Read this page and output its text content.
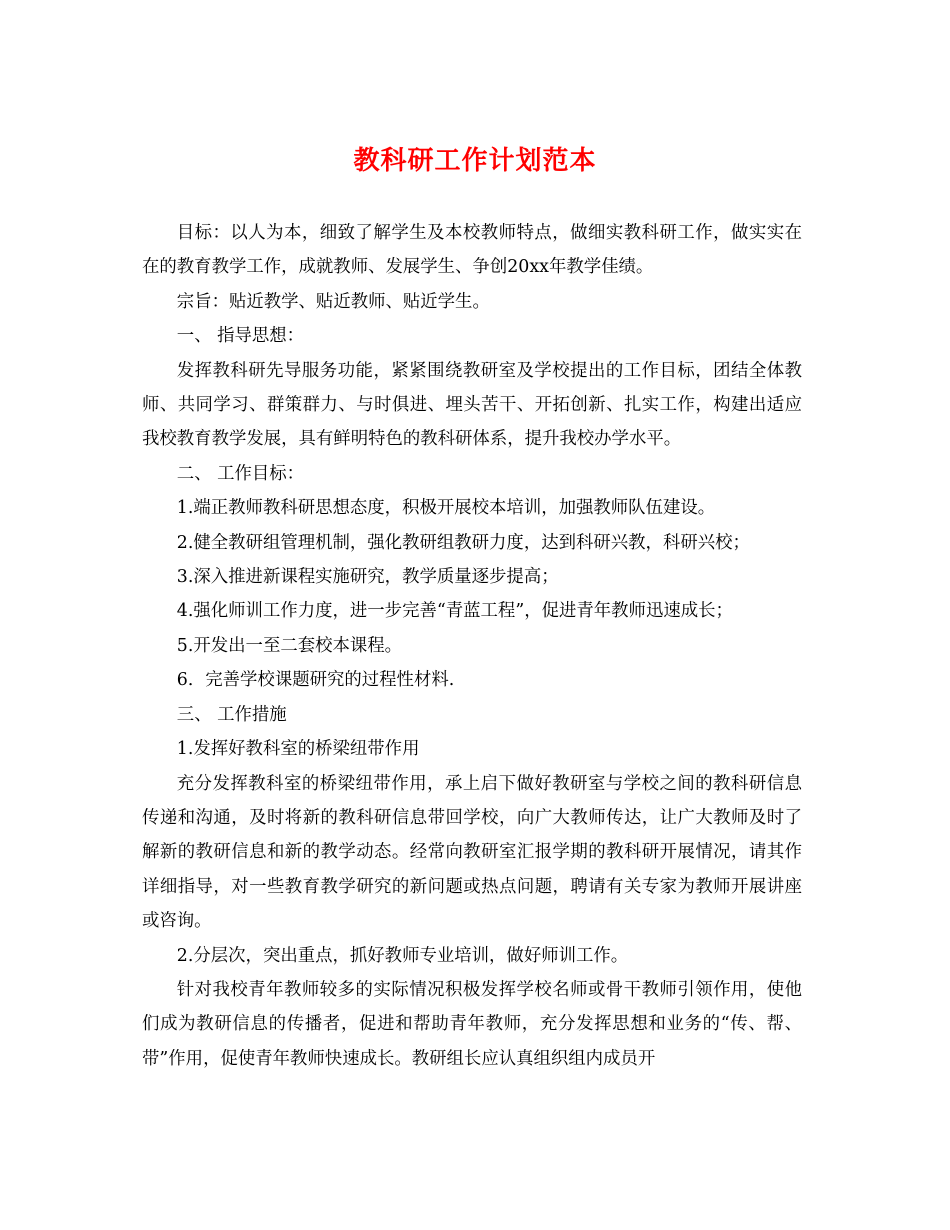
教科研工作计划范本

目标：以人为本，细致了解学生及本校教师特点，做细实教科研工作，做实实在在的教育教学工作，成就教师、发展学生、争创20xx年教学佳绩。

宗旨：贴近教学、贴近教师、贴近学生。

一、 指导思想：

发挥教科研先导服务功能，紧紧围绕教研室及学校提出的工作目标，团结全体教师、共同学习、群策群力、与时俱进、埋头苦干、开拓创新、扎实工作，构建出适应我校教育教学发展，具有鲜明特色的教科研体系，提升我校办学水平。

二、 工作目标：

1.端正教师教科研思想态度，积极开展校本培训，加强教师队伍建设。

2.健全教研组管理机制，强化教研组教研力度，达到科研兴教，科研兴校；

3.深入推进新课程实施研究，教学质量逐步提高；

4.强化师训工作力度，进一步完善“青蓝工程”，促进青年教师迅速成长；

5.开发出一至二套校本课程。

6．完善学校课题研究的过程性材料.

三、 工作措施

1.发挥好教科室的桥梁纽带作用

充分发挥教科室的桥梁纽带作用，承上启下做好教研室与学校之间的教科研信息传递和沟通，及时将新的教科研信息带回学校，向广大教师传达，让广大教师及时了解新的教研信息和新的教学动态。经常向教研室汇报学期的教科研开展情况，请其作详细指导，对一些教育教学研究的新问题或热点问题，聘请有关专家为教师开展讲座或咨询。

2.分层次，突出重点，抓好教师专业培训，做好师训工作。

针对我校青年教师较多的实际情况积极发挥学校名师或骨干教师引领作用，使他们成为教研信息的传播者，促进和帮助青年教师，充分发挥思想和业务的“传、帮、带”作用，促使青年教师快速成长。教研组长应认真组织组内成员开
